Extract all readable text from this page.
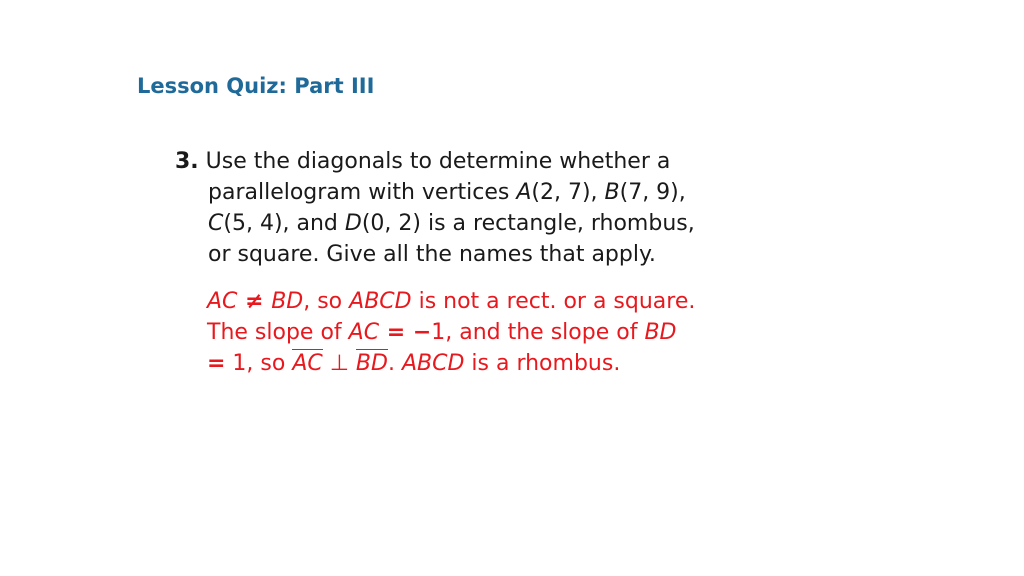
Lesson Quiz: Part III
3. Use the diagonals to determine whether a
parallelogram with vertices A(2, 7), B(7, 9),
C(5, 4), and D(0, 2) is a rectangle, rhombus,
or square. Give all the names that apply.
AC ≠ BD, so ABCD is not a rect. or a square.
The slope of AC = −1, and the slope of BD
= 1, so AC ⊥ BD. ABCD is a rhombus.
